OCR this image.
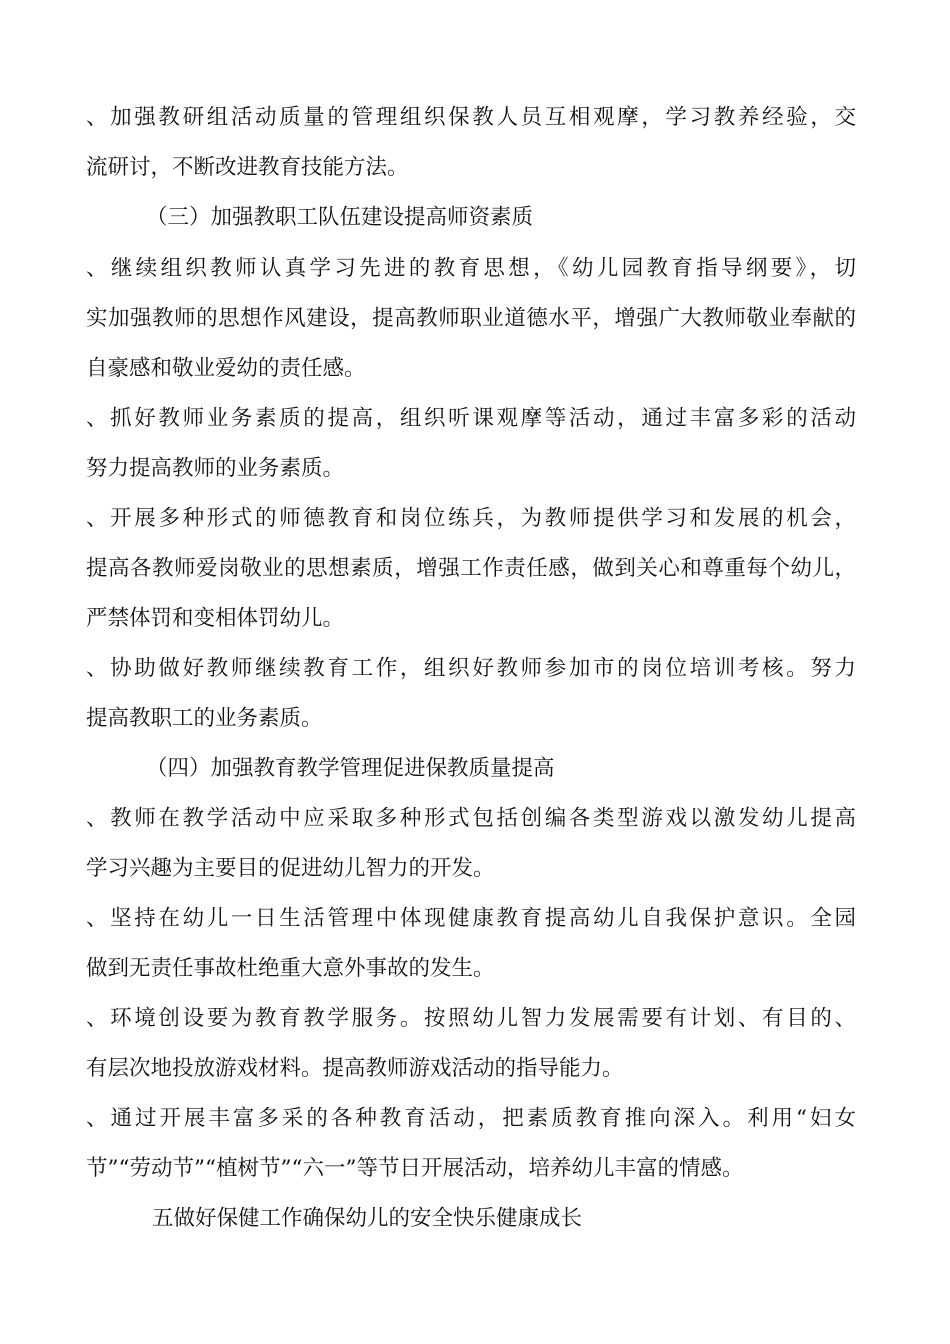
、加强教研组活动质量的管理组织保教人员互相观摩，学习教养经验，交

流研讨，不断改进教育技能方法。

（三）加强教职工队伍建设提高师资素质

、继续组织教师认真学习先进的教育思想，《幼儿园教育指导纲要》，切

实加强教师的思想作风建设，提高教师职业道德水平，增强广大教师敬业奉献的

自豪感和敬业爱幼的责任感。

、抓好教师业务素质的提高，组织听课观摩等活动，通过丰富多彩的活动

努力提高教师的业务素质。

、开展多种形式的师德教育和岗位练兵，为教师提供学习和发展的机会，

提高各教师爱岗敬业的思想素质，增强工作责任感，做到关心和尊重每个幼儿，

严禁体罚和变相体罚幼儿。

、协助做好教师继续教育工作，组织好教师参加市的岗位培训考核。努力

提高教职工的业务素质。

（四）加强教育教学管理促进保教质量提高

、教师在教学活动中应采取多种形式包括创编各类型游戏以激发幼儿提高

学习兴趣为主要目的促进幼儿智力的开发。

、坚持在幼儿一日生活管理中体现健康教育提高幼儿自我保护意识。全园

做到无责任事故杜绝重大意外事故的发生。

、环境创设要为教育教学服务。按照幼儿智力发展需要有计划、有目的、

有层次地投放游戏材料。提高教师游戏活动的指导能力。

、通过开展丰富多采的各种教育活动，把素质教育推向深入。利用“妇女

节”“劳动节”“植树节”“六一”等节日开展活动，培养幼儿丰富的情感。

五做好保健工作确保幼儿的安全快乐健康成长
